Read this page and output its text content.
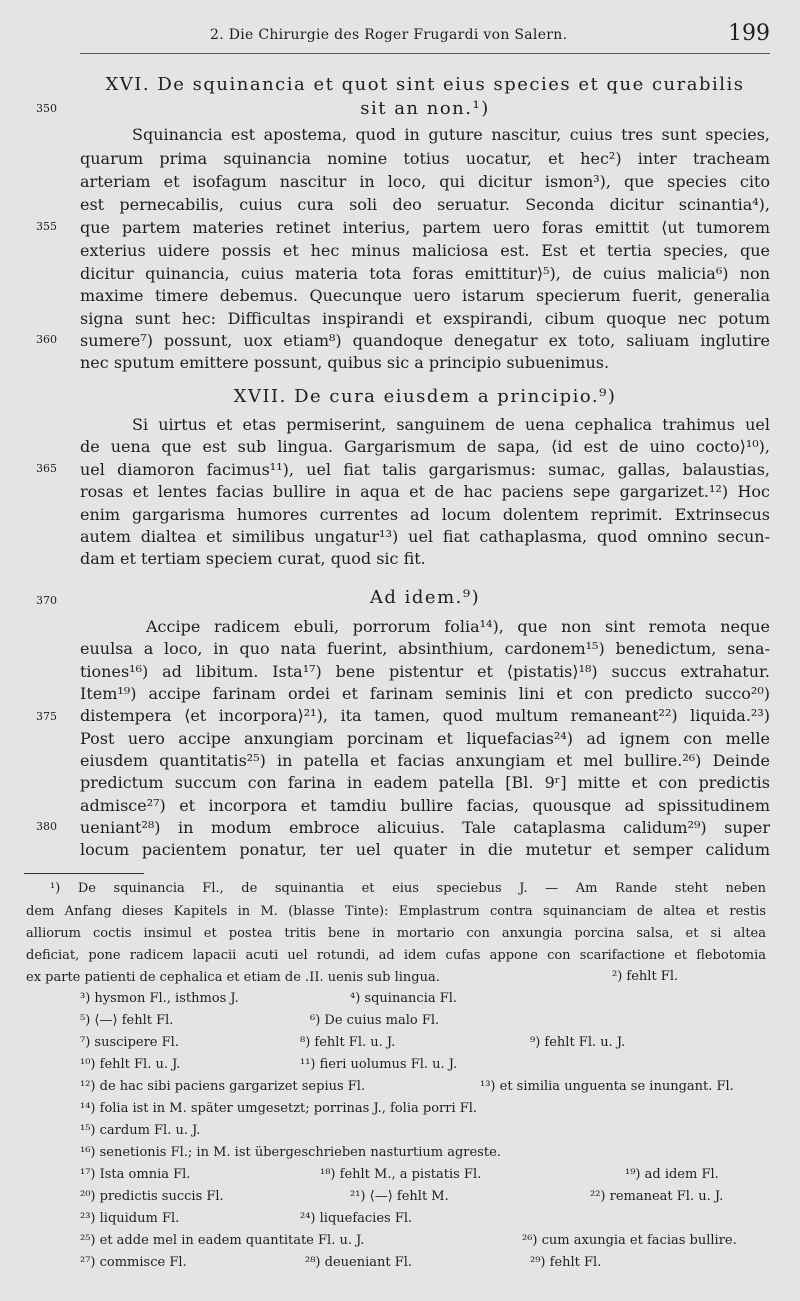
2. Die Chirurgie des Roger Frugardi von Salern.	199
350
355
360
365
370
375
380

XVI. De squinancia et quot sint eius species et que curabilis

sit an non.¹)

Squinancia est apostema, quod in guture nascitur, cuius tres sunt species,

quarum prima squinancia nomine totius uocatur, et hec²) inter tracheam

arteriam et isofagum nascitur in loco, qui dicitur ismon³), que species cito

est pernecabilis, cuius cura soli deo seruatur. Seconda dicitur scinantia⁴),

que partem materies retinet interius, partem uero foras emittit ⟨ut tumorem

exterius uidere possis et hec minus maliciosa est. Est et tertia species, que

dicitur quinancia, cuius materia tota foras emittitur⟩⁵), de cuius malicia⁶) non

maxime timere debemus. Quecunque uero istarum specierum fuerit, generalia

signa sunt hec: Difficultas inspirandi et exspirandi, cibum quoque nec potum

sumere⁷) possunt, uox etiam⁸) quandoque denegatur ex toto, saliuam inglutire

nec sputum emittere possunt, quibus sic a principio subuenimus.

XVII. De cura eiusdem a principio.⁹)

Si uirtus et etas permiserint, sanguinem de uena cephalica trahimus uel

de uena que est sub lingua. Gargarismum de sapa, ⟨id est de uino cocto⟩¹⁰),

uel diamoron facimus¹¹), uel fiat talis gargarismus: sumac, gallas, balaustias,

rosas et lentes facias bullire in aqua et de hac paciens sepe gargarizet.¹²) Hoc

enim gargarisma humores currentes ad locum dolentem reprimit. Extrinsecus

autem dialtea et similibus ungatur¹³) uel fiat cathaplasma, quod omnino secun-

dam et tertiam speciem curat, quod sic fit.

Ad idem.⁹)

Accipe radicem ebuli, porrorum folia¹⁴), que non sint remota neque

euulsa a loco, in quo nata fuerint, absinthium, cardonem¹⁵) benedictum, sena-

tiones¹⁶) ad libitum. Ista¹⁷) bene pistentur et ⟨pistatis⟩¹⁸) succus extrahatur.

Item¹⁹) accipe farinam ordei et farinam seminis lini et con predicto succo²⁰)

distempera ⟨et incorpora⟩²¹), ita tamen, quod multum remaneant²²) liquida.²³)

Post uero accipe anxungiam porcinam et liquefacias²⁴) ad ignem con melle

eiusdem quantitatis²⁵) in patella et facias anxungiam et mel bullire.²⁶) Deinde

predictum succum con farina in eadem patella [Bl. 9ʳ] mitte et con predictis

admisce²⁷) et incorpora et tamdiu bullire facias, quousque ad spissitudinem

ueniant²⁸) in modum embroce alicuius. Tale cataplasma calidum²⁹) super

locum pacientem ponatur, ter uel quater in die mutetur et semper calidum

¹) De squinancia Fl., de squinantia et eius speciebus J. — Am Rande steht neben
dem Anfang dieses Kapitels in M. (blasse Tinte): Emplastrum contra squinanciam de altea et restis
alliorum coctis insimul et postea tritis bene in mortario con anxungia porcina salsa, et si altea
deficiat, pone radicem lapacii acuti uel rotundi, ad idem cufas appone con scarifactione et flebotomia
ex parte patienti de cephalica et etiam de .II. uenis sub lingua.	²) fehlt Fl.
³) hysmon Fl., isthmos J.	⁴) squinancia Fl.
⁵) ⟨—⟩ fehlt Fl.	⁶) De cuius malo Fl.
⁷) suscipere Fl.	⁸) fehlt Fl. u. J.	⁹) fehlt Fl. u. J.
¹⁰) fehlt Fl. u. J.	¹¹) fieri uolumus Fl. u. J.
¹²) de hac sibi paciens gargarizet sepius Fl.	¹³) et similia unguenta se inungant. Fl.
¹⁴) folia ist in M. später umgesetzt; porrinas J., folia porri Fl.
¹⁵) cardum Fl. u. J.
¹⁶) senetionis Fl.; in M. ist übergeschrieben nasturtium agreste.
¹⁷) Ista omnia Fl.	¹⁸) fehlt M., a pistatis Fl.	¹⁹) ad idem Fl.
²⁰) predictis succis Fl.	²¹) ⟨—⟩ fehlt M.	²²) remaneat Fl. u. J.
²³) liquidum Fl.	²⁴) liquefacies Fl.
²⁵) et adde mel in eadem quantitate Fl. u. J.	²⁶) cum axungia et facias bullire.
²⁷) commisce Fl.	²⁸) deueniant Fl.	²⁹) fehlt Fl.
